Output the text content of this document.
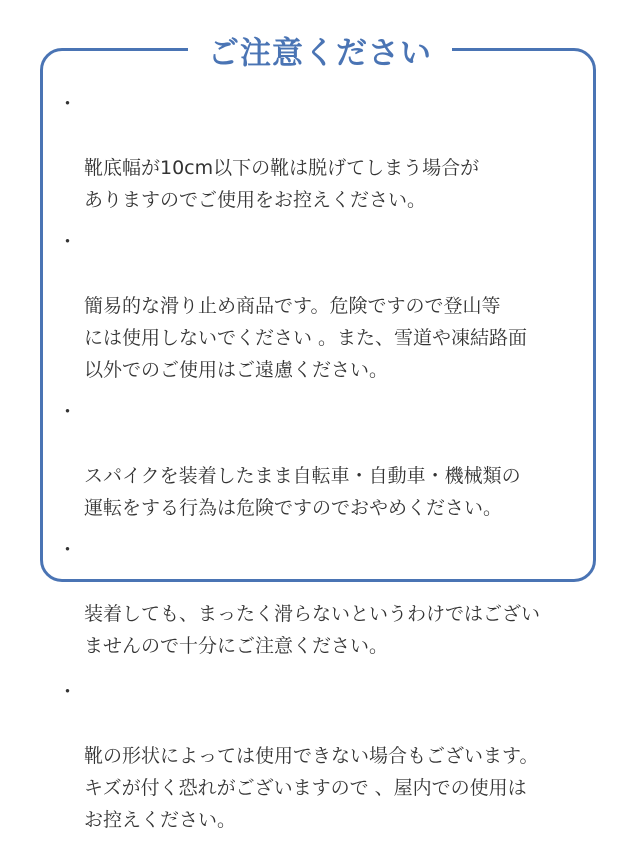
ご注意ください

・

靴底幅が10cm以下の靴は脱げてしまう場合が
ありますのでご使用をお控えください。

・

簡易的な滑り止め商品です。危険ですので登山等
には使用しないでください 。また、雪道や凍結路面
以外でのご使用はご遠慮ください。

・

スパイクを装着したまま自転車・自動車・機械類の
運転をする行為は危険ですのでおやめください。

・

装着しても、まったく滑らないというわけではござい
ませんので十分にご注意ください。

・

靴の形状によっては使用できない場合もございます。
キズが付く恐れがございますので 、屋内での使用は
お控えください。
